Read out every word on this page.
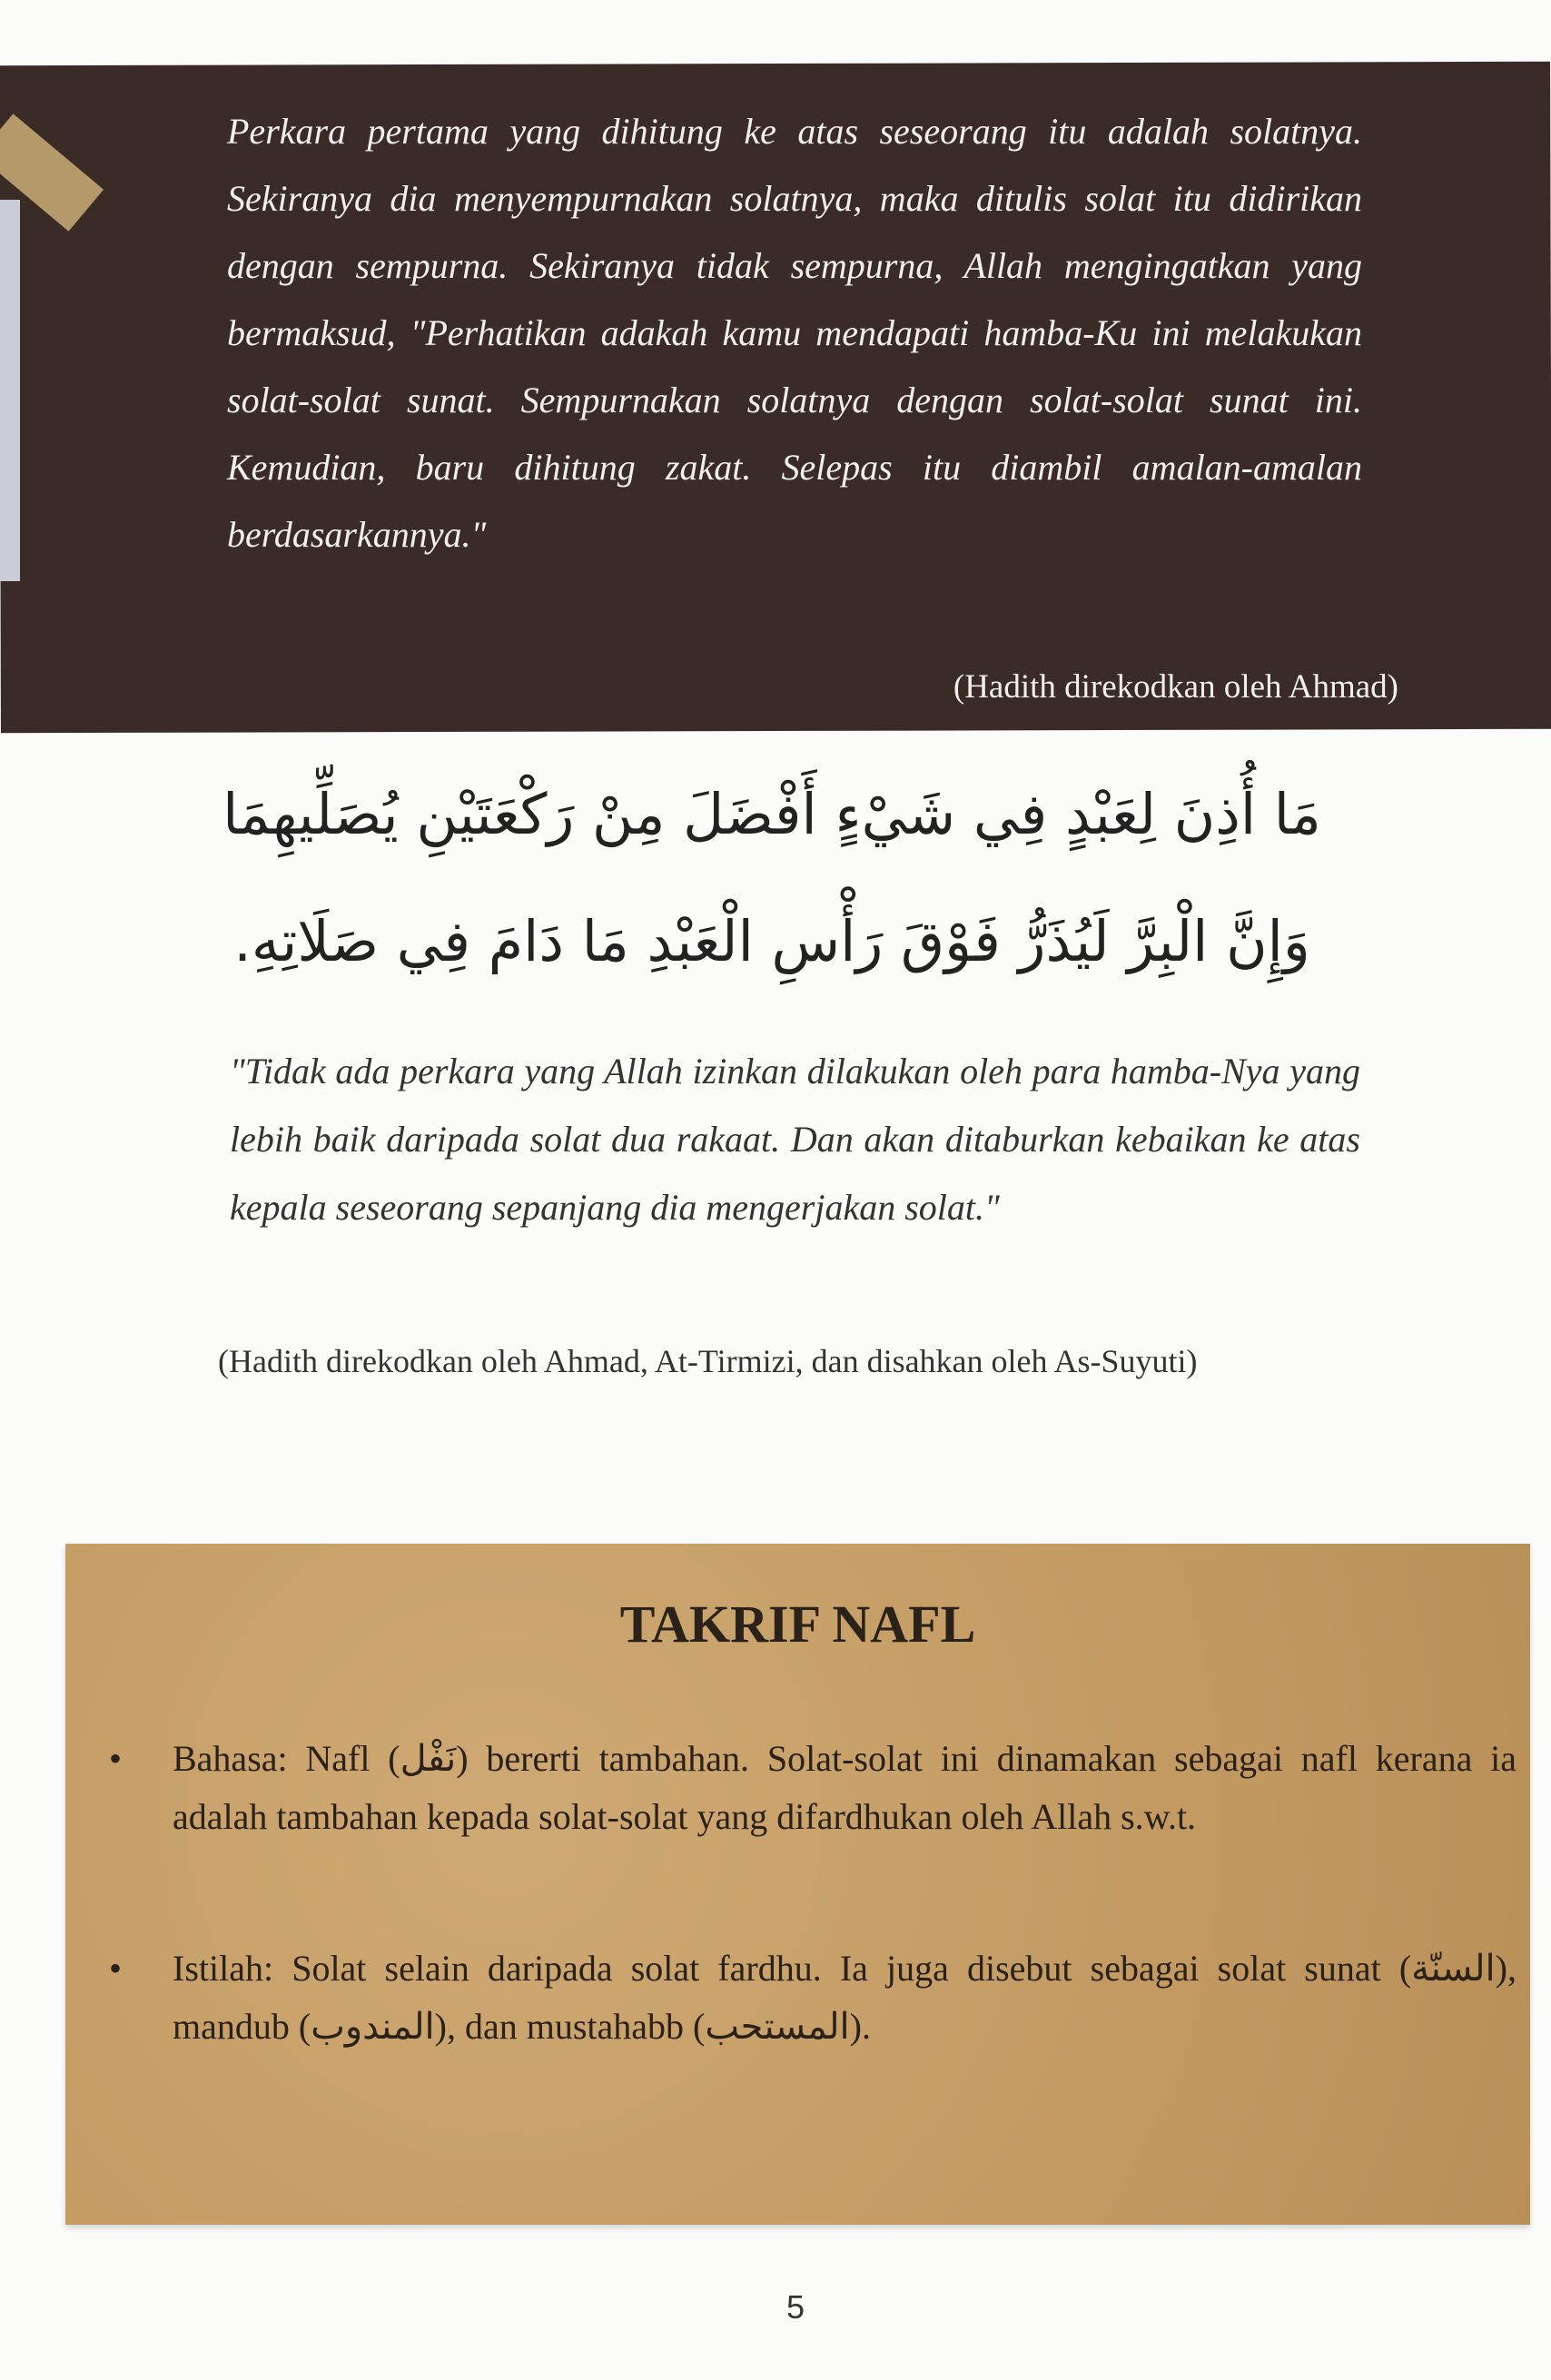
Perkara pertama yang dihitung ke atas seseorang itu adalah solatnya. Sekiranya dia menyempurnakan solatnya, maka ditulis solat itu didirikan dengan sempurna. Sekiranya tidak sempurna, Allah mengingatkan yang bermaksud, "Perhatikan adakah kamu mendapati hamba-Ku ini melakukan solat-solat sunat. Sempurnakan solatnya dengan solat-solat sunat ini. Kemudian, baru dihitung zakat. Selepas itu diambil amalan-amalan berdasarkannya."
(Hadith direkodkan oleh Ahmad)
مَا أُذِنَ لِعَبْدٍ فِي شَيْءٍ أَفْضَلَ مِنْ رَكْعَتَيْنِ يُصَلِّيهِمَا
وَإِنَّ الْبِرَّ لَيُذَرُّ فَوْقَ رَأْسِ الْعَبْدِ مَا دَامَ فِي صَلَاتِهِ.
"Tidak ada perkara yang Allah izinkan dilakukan oleh para hamba-Nya yang lebih baik daripada solat dua rakaat. Dan akan ditaburkan kebaikan ke atas kepala seseorang sepanjang dia mengerjakan solat."
(Hadith direkodkan oleh Ahmad, At-Tirmizi, dan disahkan oleh As-Suyuti)
TAKRIF NAFL
• Bahasa: Nafl (نَفْل) bererti tambahan. Solat-solat ini dinamakan sebagai nafl kerana ia adalah tambahan kepada solat-solat yang difardhukan oleh Allah s.w.t.
• Istilah: Solat selain daripada solat fardhu. Ia juga disebut sebagai solat sunat (السنّة), mandub (المندوب), dan mustahabb (المستحب).
5
